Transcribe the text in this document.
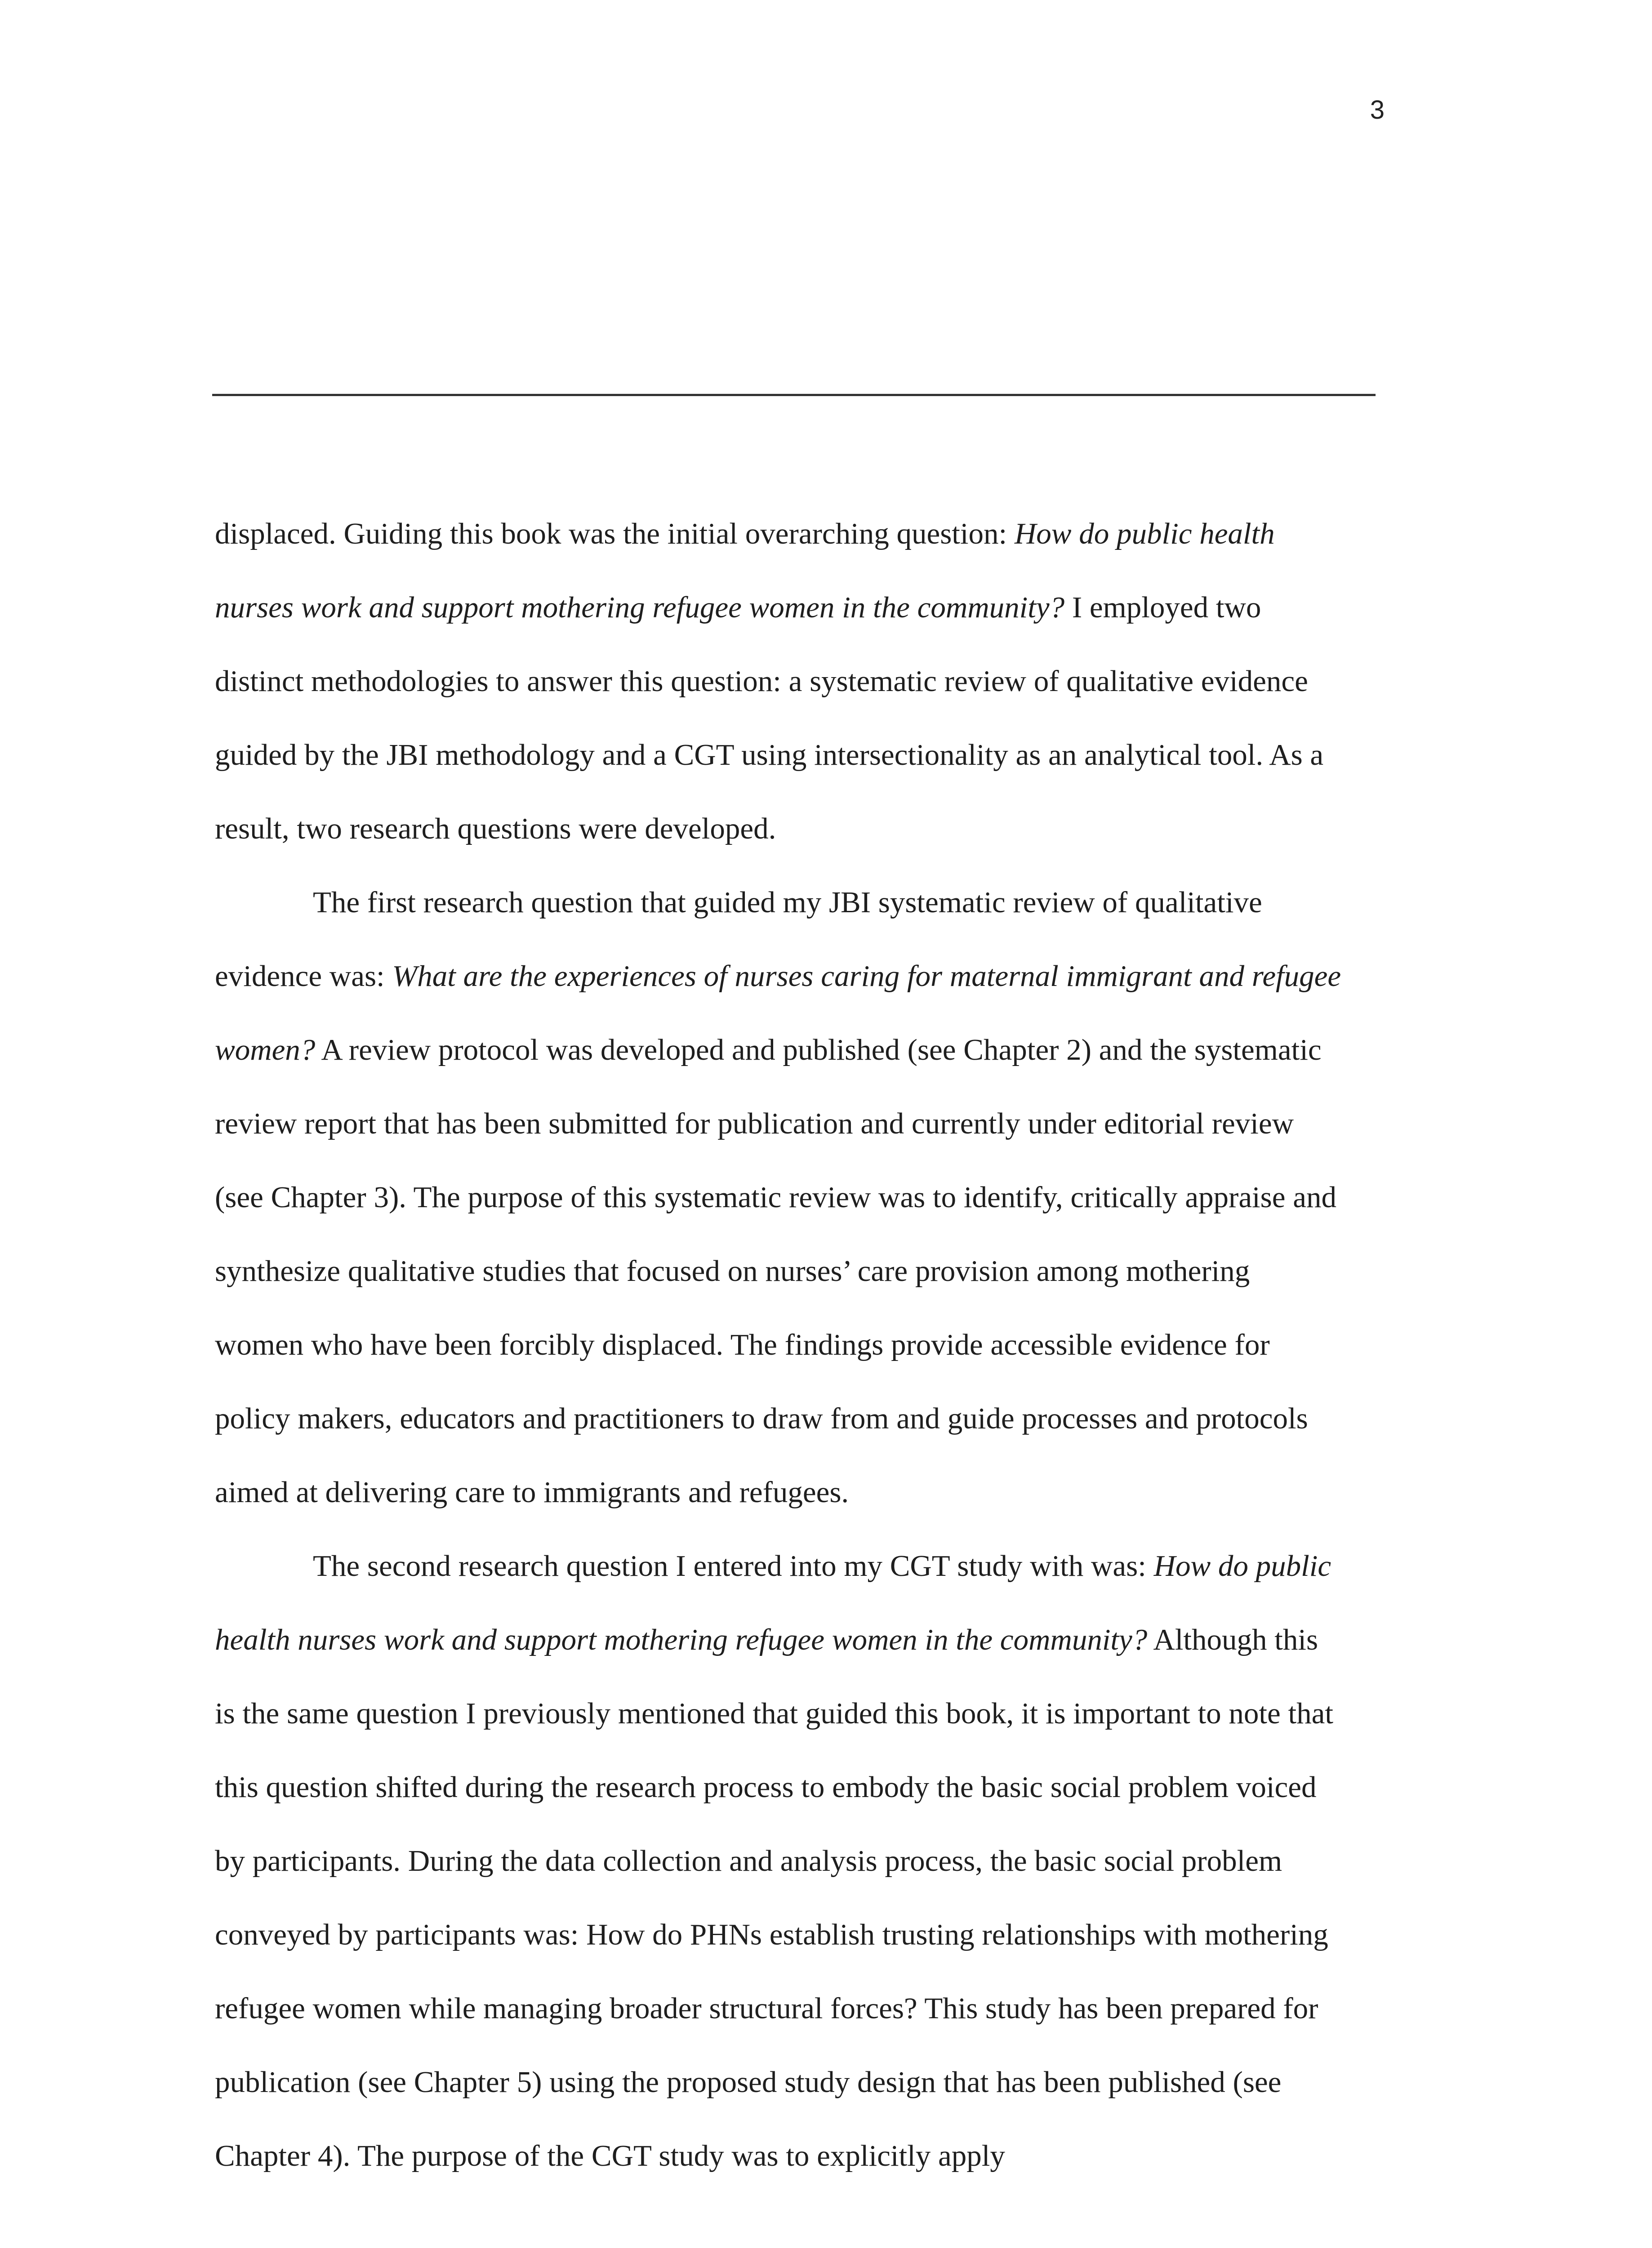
3
displaced. Guiding this book was the initial overarching question: How do public health
nurses work and support mothering refugee women in the community? I employed two
distinct methodologies to answer this question: a systematic review of qualitative evidence
guided by the JBI methodology and a CGT using intersectionality as an analytical tool. As a
result, two research questions were developed.
The first research question that guided my JBI systematic review of qualitative
evidence was: What are the experiences of nurses caring for maternal immigrant and refugee
women? A review protocol was developed and published (see Chapter 2) and the systematic
review report that has been submitted for publication and currently under editorial review
(see Chapter 3). The purpose of this systematic review was to identify, critically appraise and
synthesize qualitative studies that focused on nurses’ care provision among mothering
women who have been forcibly displaced. The findings provide accessible evidence for
policy makers, educators and practitioners to draw from and guide processes and protocols
aimed at delivering care to immigrants and refugees.
The second research question I entered into my CGT study with was: How do public
health nurses work and support mothering refugee women in the community? Although this
is the same question I previously mentioned that guided this book, it is important to note that
this question shifted during the research process to embody the basic social problem voiced
by participants. During the data collection and analysis process, the basic social problem
conveyed by participants was: How do PHNs establish trusting relationships with mothering
refugee women while managing broader structural forces? This study has been prepared for
publication (see Chapter 5) using the proposed study design that has been published (see
Chapter 4). The purpose of the CGT study was to explicitly apply
